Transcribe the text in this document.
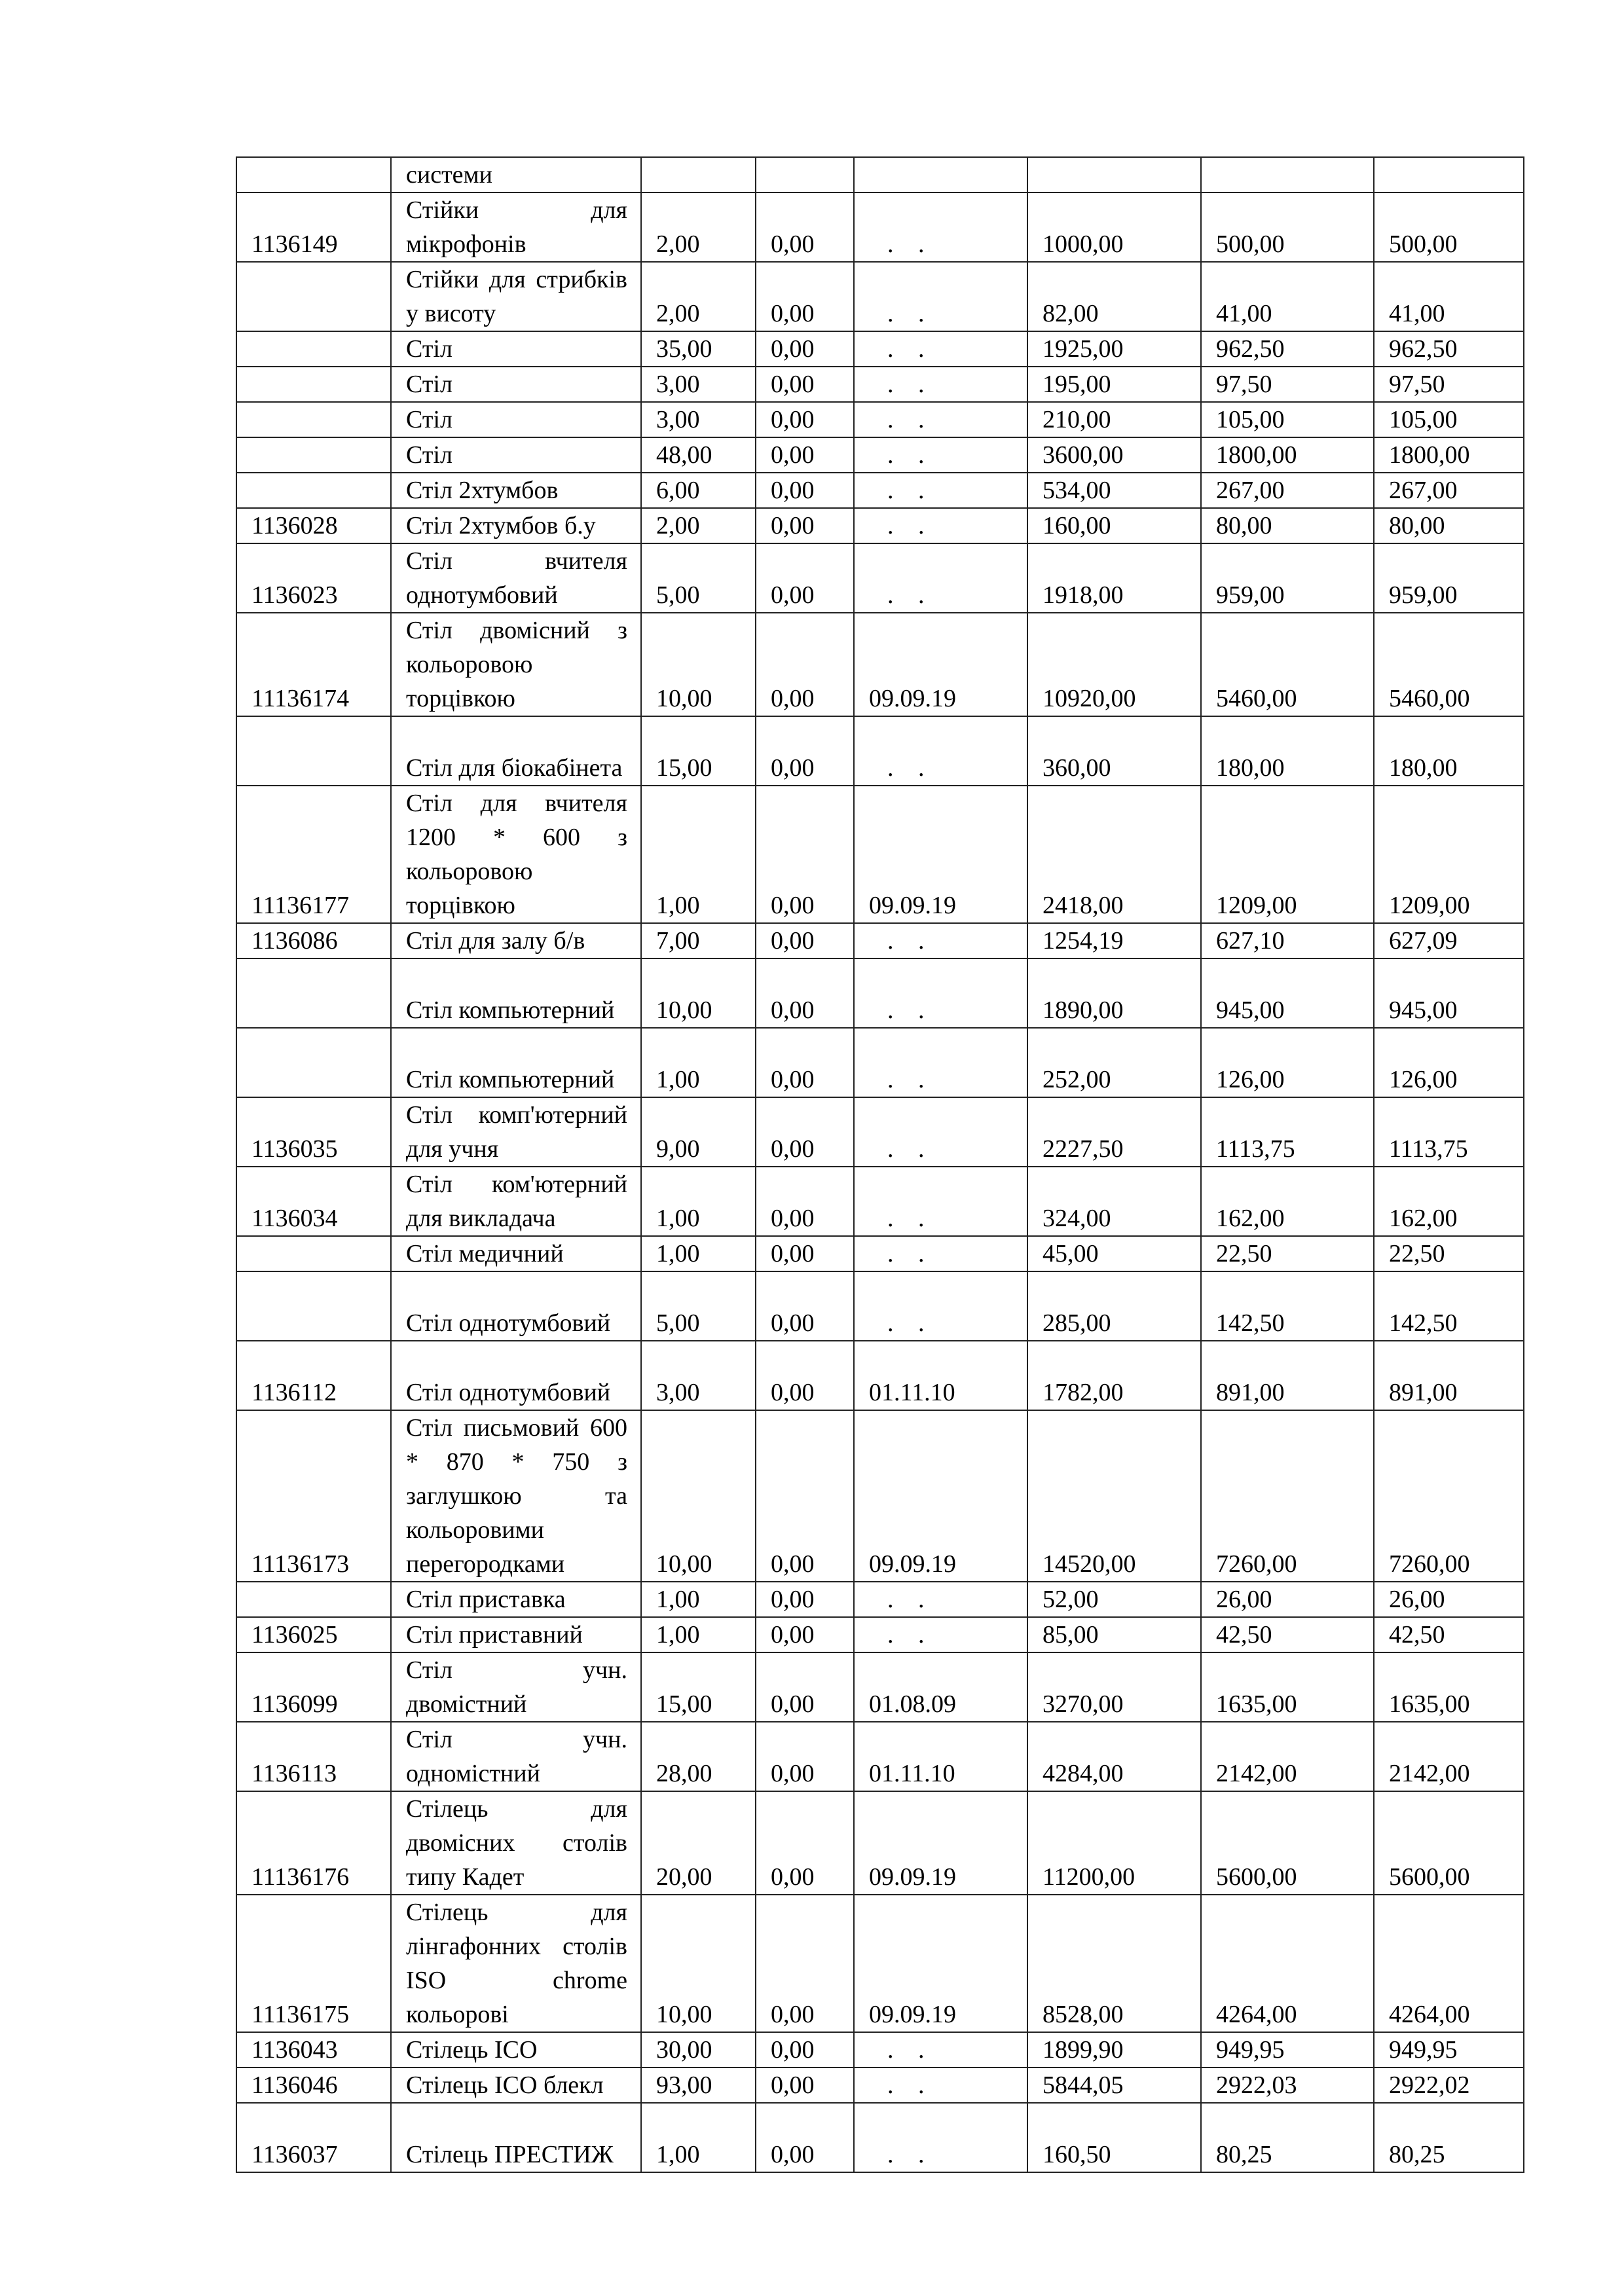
	системи						
1136149	Стійки для мікрофонів	2,00	0,00	. .	1000,00	500,00	500,00
	Стійки для стрибків у висоту	2,00	0,00	. .	82,00	41,00	41,00
	Стіл	35,00	0,00	. .	1925,00	962,50	962,50
	Стіл	3,00	0,00	. .	195,00	97,50	97,50
	Стіл	3,00	0,00	. .	210,00	105,00	105,00
	Стіл	48,00	0,00	. .	3600,00	1800,00	1800,00
	Стіл 2хтумбов	6,00	0,00	. .	534,00	267,00	267,00
1136028	Стіл 2хтумбов б.у	2,00	0,00	. .	160,00	80,00	80,00
1136023	Стіл вчителя однотумбовий	5,00	0,00	. .	1918,00	959,00	959,00
11136174	Стіл двомісний з кольоровою торцівкою	10,00	0,00	09.09.19	10920,00	5460,00	5460,00
	Стіл для біокабінета	15,00	0,00	. .	360,00	180,00	180,00
11136177	Стіл для вчителя 1200 * 600 з кольоровою торцівкою	1,00	0,00	09.09.19	2418,00	1209,00	1209,00
1136086	Стіл для залу б/в	7,00	0,00	. .	1254,19	627,10	627,09
	Стіл компьютерний	10,00	0,00	. .	1890,00	945,00	945,00
	Стіл компьютерний	1,00	0,00	. .	252,00	126,00	126,00
1136035	Стіл комп'ютерний для учня	9,00	0,00	. .	2227,50	1113,75	1113,75
1136034	Стіл ком'ютерний для викладача	1,00	0,00	. .	324,00	162,00	162,00
	Стіл медичний	1,00	0,00	. .	45,00	22,50	22,50
	Стіл однотумбовий	5,00	0,00	. .	285,00	142,50	142,50
1136112	Стіл однотумбовий	3,00	0,00	01.11.10	1782,00	891,00	891,00
11136173	Стіл письмовий 600 * 870 * 750 з заглушкою та кольоровими перегородками	10,00	0,00	09.09.19	14520,00	7260,00	7260,00
	Стіл приставка	1,00	0,00	. .	52,00	26,00	26,00
1136025	Стіл приставний	1,00	0,00	. .	85,00	42,50	42,50
1136099	Стіл учн. двомістний	15,00	0,00	01.08.09	3270,00	1635,00	1635,00
1136113	Стіл учн. одномістний	28,00	0,00	01.11.10	4284,00	2142,00	2142,00
11136176	Стілець для двомісних столів типу Кадет	20,00	0,00	09.09.19	11200,00	5600,00	5600,00
11136175	Стілець для лінгафонних столів ISO chrome кольорові	10,00	0,00	09.09.19	8528,00	4264,00	4264,00
1136043	Стілець ІСО	30,00	0,00	. .	1899,90	949,95	949,95
1136046	Стілець ІСО блекл	93,00	0,00	. .	5844,05	2922,03	2922,02
1136037	Стілець ПРЕСТИЖ	1,00	0,00	. .	160,50	80,25	80,25
